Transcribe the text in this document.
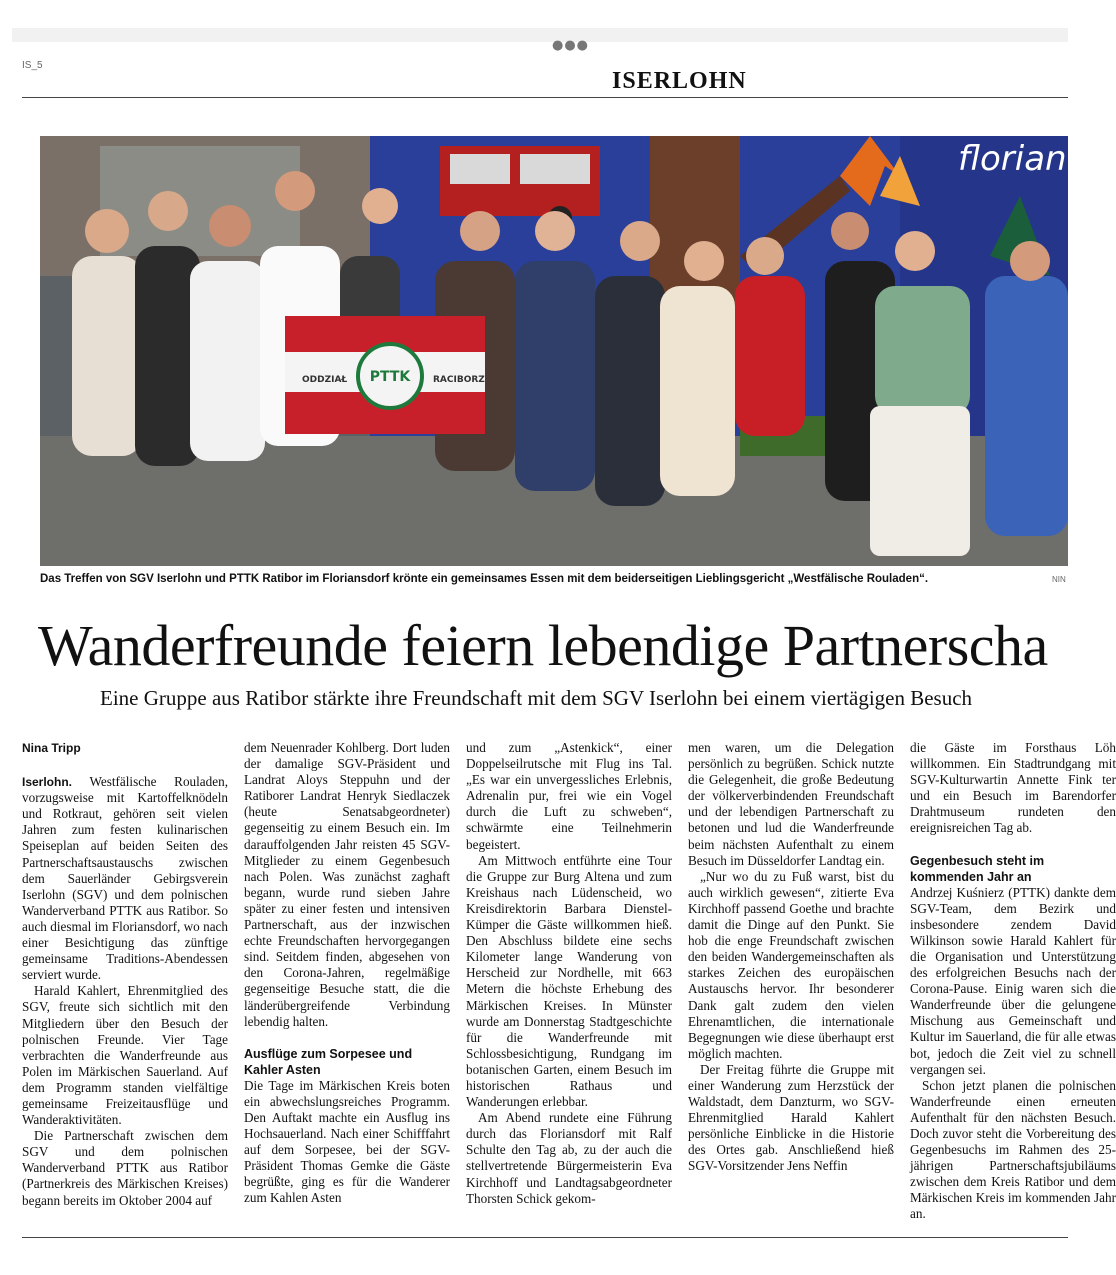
●●●
IS_5
ISERLOHN
florian
PTTK
ODDZIAŁ	RACIBORZ
Das Treffen von SGV Iserlohn und PTTK Ratibor im Floriansdorf krönte ein gemeinsames Essen mit dem beiderseitigen Lieblingsgericht „Westfälische Rouladen“.	NIN
Wanderfreunde feiern lebendige Partnerscha
Eine Gruppe aus Ratibor stärkte ihre Freundschaft mit dem SGV Iserlohn bei einem viertägigen Besuch
Nina Tripp

Iserlohn. Westfälische Rouladen, vorzugsweise mit Kartoffelknödeln und Rotkraut, gehören seit vielen Jahren zum festen kulinarischen Speiseplan auf beiden Seiten des Partnerschaftsaustauschs zwischen dem Sauerländer Gebirgsverein Iserlohn (SGV) und dem polnischen Wanderverband PTTK aus Ratibor. So auch diesmal im Floriansdorf, wo nach einer Besichtigung das zünftige gemeinsame Traditions-Abendessen serviert wurde.

Harald Kahlert, Ehrenmitglied des SGV, freute sich sichtlich mit den Mitgliedern über den Besuch der polnischen Freunde. Vier Tage verbrachten die Wanderfreunde aus Polen im Märkischen Sauerland. Auf dem Programm standen vielfältige gemeinsame Freizeitausflüge und Wanderaktivitäten.

Die Partnerschaft zwischen dem SGV und dem polnischen Wanderverband PTTK aus Ratibor (Partnerkreis des Märkischen Kreises) begann bereits im Oktober 2004 auf

dem Neuenrader Kohlberg. Dort luden der damalige SGV-Präsident und Landrat Aloys Steppuhn und der Ratiborer Landrat Henryk Siedlaczek (heute Senatsabgeordneter) gegenseitig zu einem Besuch ein. Im darauffolgenden Jahr reisten 45 SGV-Mitglieder zu einem Gegenbesuch nach Polen. Was zunächst zaghaft begann, wurde rund sieben Jahre später zu einer festen und intensiven Partnerschaft, aus der inzwischen echte Freundschaften hervorgegangen sind. Seitdem finden, abgesehen von den Corona-Jahren, regelmäßige gegenseitige Besuche statt, die die länderübergreifende Verbindung lebendig halten.

Ausflüge zum Sorpesee und Kahler Asten

Die Tage im Märkischen Kreis boten ein abwechslungsreiches Programm. Den Auftakt machte ein Ausflug ins Hochsauerland. Nach einer Schifffahrt auf dem Sorpesee, bei der SGV-Präsident Thomas Gemke die Gäste begrüßte, ging es für die Wanderer zum Kahlen Asten

und zum „Astenkick“, einer Doppelseilrutsche mit Flug ins Tal. „Es war ein unvergessliches Erlebnis, Adrenalin pur, frei wie ein Vogel durch die Luft zu schweben“, schwärmte eine Teilnehmerin begeistert.

Am Mittwoch entführte eine Tour die Gruppe zur Burg Altena und zum Kreishaus nach Lüdenscheid, wo Kreisdirektorin Barbara Dienstel-Kümper die Gäste willkommen hieß. Den Abschluss bildete eine sechs Kilometer lange Wanderung von Herscheid zur Nordhelle, mit 663 Metern die höchste Erhebung des Märkischen Kreises. In Münster wurde am Donnerstag Stadtgeschichte für die Wanderfreunde mit Schlossbesichtigung, Rundgang im botanischen Garten, einem Besuch im historischen Rathaus und Wanderungen erlebbar.

Am Abend rundete eine Führung durch das Floriansdorf mit Ralf Schulte den Tag ab, zu der auch die stellvertretende Bürgermeisterin Eva Kirchhoff und Landtagsabgeordneter Thorsten Schick gekom-

men waren, um die Delegation persönlich zu begrüßen. Schick nutzte die Gelegenheit, die große Bedeutung der völkerverbindenden Freundschaft und der lebendigen Partnerschaft zu betonen und lud die Wanderfreunde beim nächsten Aufenthalt zu einem Besuch im Düsseldorfer Landtag ein.

„Nur wo du zu Fuß warst, bist du auch wirklich gewesen“, zitierte Eva Kirchhoff passend Goethe und brachte damit die Dinge auf den Punkt. Sie hob die enge Freundschaft zwischen den beiden Wandergemeinschaften als starkes Zeichen des europäischen Austauschs hervor. Ihr besonderer Dank galt zudem den vielen Ehrenamtlichen, die internationale Begegnungen wie diese überhaupt erst möglich machten.

Der Freitag führte die Gruppe mit einer Wanderung zum Herzstück der Waldstadt, dem Danzturm, wo SGV-Ehrenmitglied Harald Kahlert persönliche Einblicke in die Historie des Ortes gab. Anschließend hieß SGV-Vorsitzender Jens Neffin

die Gäste im Forsthaus Löh willkommen. Ein Stadtrundgang mit SGV-Kulturwartin Annette Fink ter und ein Besuch im Barendorfer Drahtmuseum rundeten den ereignisreichen Tag ab.

Gegenbesuch steht im kommenden Jahr an

Andrzej Kuśnierz (PTTK) dankte dem SGV-Team, dem Bezirk und insbesondere zendem David Wilkinson sowie Harald Kahlert für die Organisation und Unterstützung des erfolgreichen Besuchs nach der Corona-Pause. Einig waren sich die Wanderfreunde über die gelungene Mischung aus Gemeinschaft und Kultur im Sauerland, die für alle etwas bot, jedoch die Zeit viel zu schnell vergangen sei.

Schon jetzt planen die polnischen Wanderfreunde einen erneuten Aufenthalt für den nächsten Besuch. Doch zuvor steht die Vorbereitung des Gegenbesuchs im Rahmen des 25-jährigen Partnerschaftsjubiläums zwischen dem Kreis Ratibor und dem Märkischen Kreis im kommenden Jahr an.
